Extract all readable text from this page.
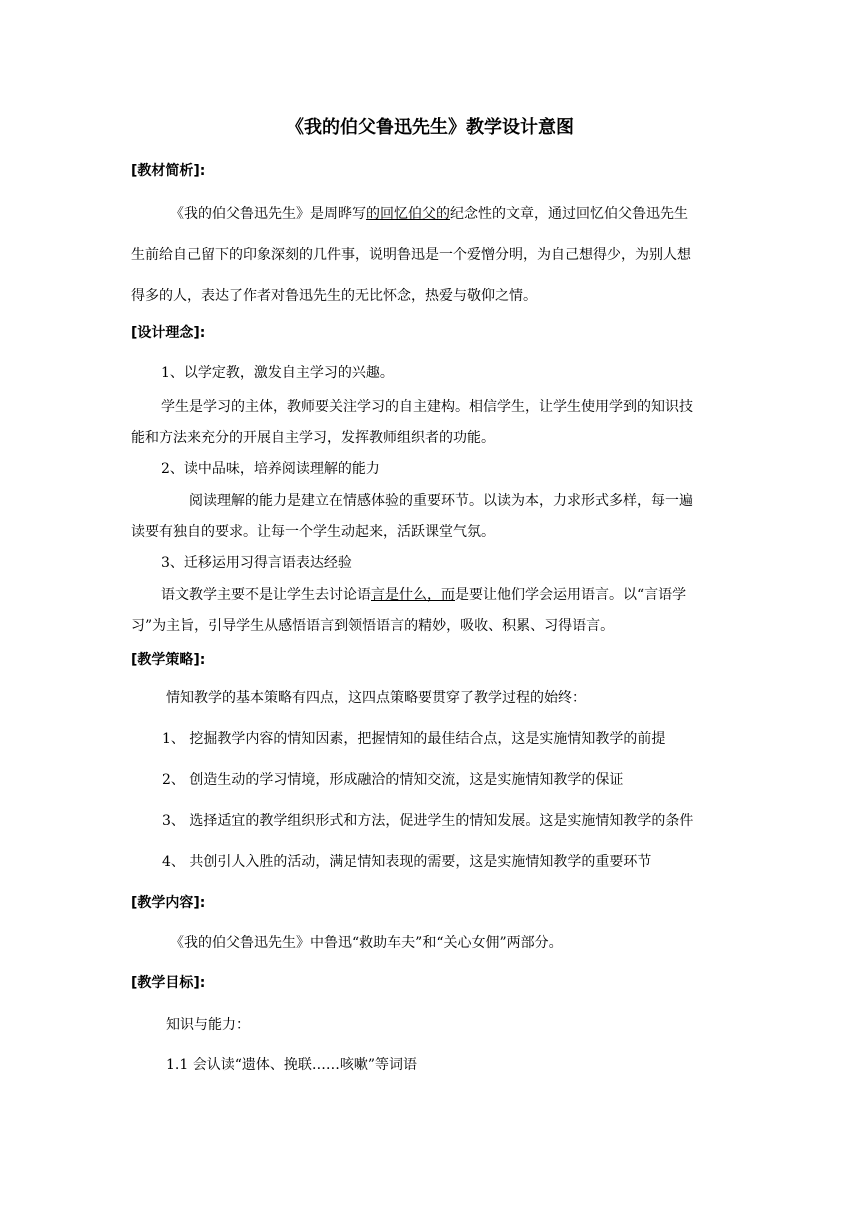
《我的伯父鲁迅先生》教学设计意图
[教材简析]:
《我的伯父鲁迅先生》是周晔写的回忆伯父的纪念性的文章，通过回忆伯父鲁迅先生
生前给自己留下的印象深刻的几件事，说明鲁迅是一个爱憎分明，为自己想得少，为别人想
得多的人，表达了作者对鲁迅先生的无比怀念，热爱与敬仰之情。
[设计理念]:
1、以学定教，激发自主学习的兴趣。
学生是学习的主体，教师要关注学习的自主建构。相信学生，让学生使用学到的知识技
能和方法来充分的开展自主学习，发挥教师组织者的功能。
2、读中品味，培养阅读理解的能力
阅读理解的能力是建立在情感体验的重要环节。以读为本，力求形式多样，每一遍
读要有独自的要求。让每一个学生动起来，活跃课堂气氛。
3、迁移运用习得言语表达经验
语文教学主要不是让学生去讨论语言是什么，而是要让他们学会运用语言。以“言语学
习”为主旨，引导学生从感悟语言到领悟语言的精妙，吸收、积累、习得语言。
[教学策略]:
情知教学的基本策略有四点，这四点策略要贯穿了教学过程的始终：
1、 挖掘教学内容的情知因素，把握情知的最佳结合点，这是实施情知教学的前提
2、 创造生动的学习情境，形成融洽的情知交流，这是实施情知教学的保证
3、 选择适宜的教学组织形式和方法，促进学生的情知发展。这是实施情知教学的条件
4、 共创引人入胜的活动，满足情知表现的需要，这是实施情知教学的重要环节
[教学内容]:
《我的伯父鲁迅先生》中鲁迅“救助车夫”和“关心女佣”两部分。
[教学目标]:
知识与能力：
1.1 会认读“遗体、挽联……咳嗽”等词语
